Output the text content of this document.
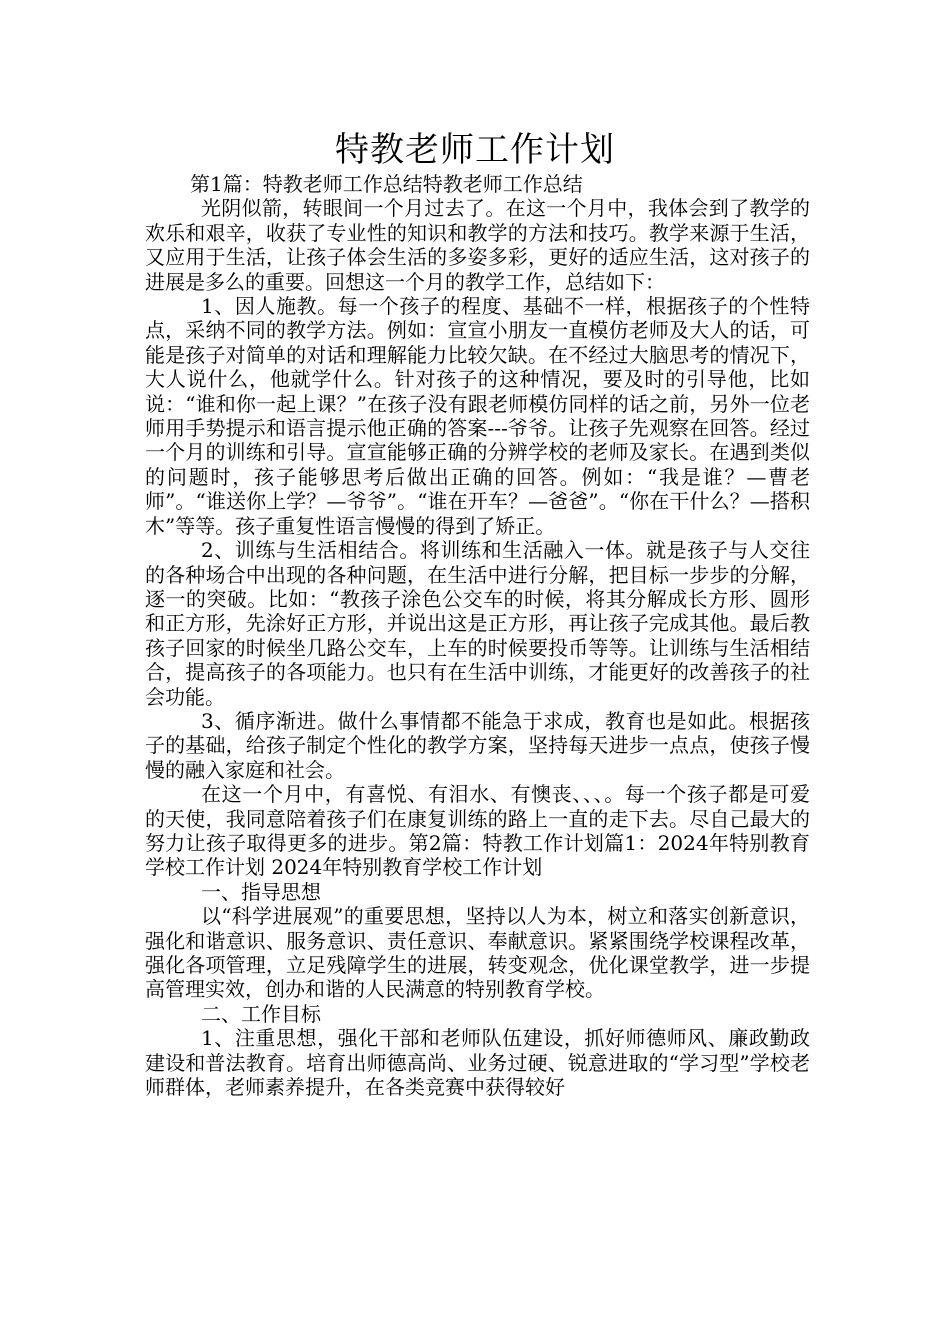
特教老师工作计划

第1篇：特教老师工作总结特教老师工作总结

光阴似箭，转眼间一个月过去了。在这一个月中，我体会到了教学的欢乐和艰辛，收获了专业性的知识和教学的方法和技巧。教学来源于生活，又应用于生活，让孩子体会生活的多姿多彩，更好的适应生活，这对孩子的进展是多么的重要。回想这一个月的教学工作，总结如下：

1、因人施教。每一个孩子的程度、基础不一样，根据孩子的个性特点，采纳不同的教学方法。例如：宣宣小朋友一直模仿老师及大人的话，可能是孩子对简单的对话和理解能力比较欠缺。在不经过大脑思考的情况下，大人说什么，他就学什么。针对孩子的这种情况，要及时的引导他，比如说：“谁和你一起上课？”在孩子没有跟老师模仿同样的话之前，另外一位老师用手势提示和语言提示他正确的答案---爷爷。让孩子先观察在回答。经过一个月的训练和引导。宣宣能够正确的分辨学校的老师及家长。在遇到类似的问题时，孩子能够思考后做出正确的回答。例如：“我是谁？—曹老师”。“谁送你上学？—爷爷”。“谁在开车？—爸爸”。“你在干什么？—搭积木”等等。孩子重复性语言慢慢的得到了矫正。

2、训练与生活相结合。将训练和生活融入一体。就是孩子与人交往的各种场合中出现的各种问题，在生活中进行分解，把目标一步步的分解，逐一的突破。比如：“教孩子涂色公交车的时候，将其分解成长方形、圆形和正方形，先涂好正方形，并说出这是正方形，再让孩子完成其他。最后教孩子回家的时候坐几路公交车，上车的时候要投币等等。让训练与生活相结合，提高孩子的各项能力。也只有在生活中训练，才能更好的改善孩子的社会功能。

3、循序渐进。做什么事情都不能急于求成，教育也是如此。根据孩子的基础，给孩子制定个性化的教学方案，坚持每天进步一点点，使孩子慢慢的融入家庭和社会。

在这一个月中，有喜悦、有泪水、有懊丧、、、。每一个孩子都是可爱的天使，我同意陪着孩子们在康复训练的路上一直的走下去。尽自己最大的努力让孩子取得更多的进步。第2篇：特教工作计划篇1：2024年特别教育学校工作计划 2024年特别教育学校工作计划

一、指导思想

以“科学进展观”的重要思想，坚持以人为本，树立和落实创新意识，强化和谐意识、服务意识、责任意识、奉献意识。紧紧围绕学校课程改革，强化各项管理，立足残障学生的进展，转变观念，优化课堂教学，进一步提高管理实效，创办和谐的人民满意的特别教育学校。

二、工作目标

1、注重思想，强化干部和老师队伍建设，抓好师德师风、廉政勤政建设和普法教育。培育出师德高尚、业务过硬、锐意进取的“学习型”学校老师群体，老师素养提升，在各类竞赛中获得较好
